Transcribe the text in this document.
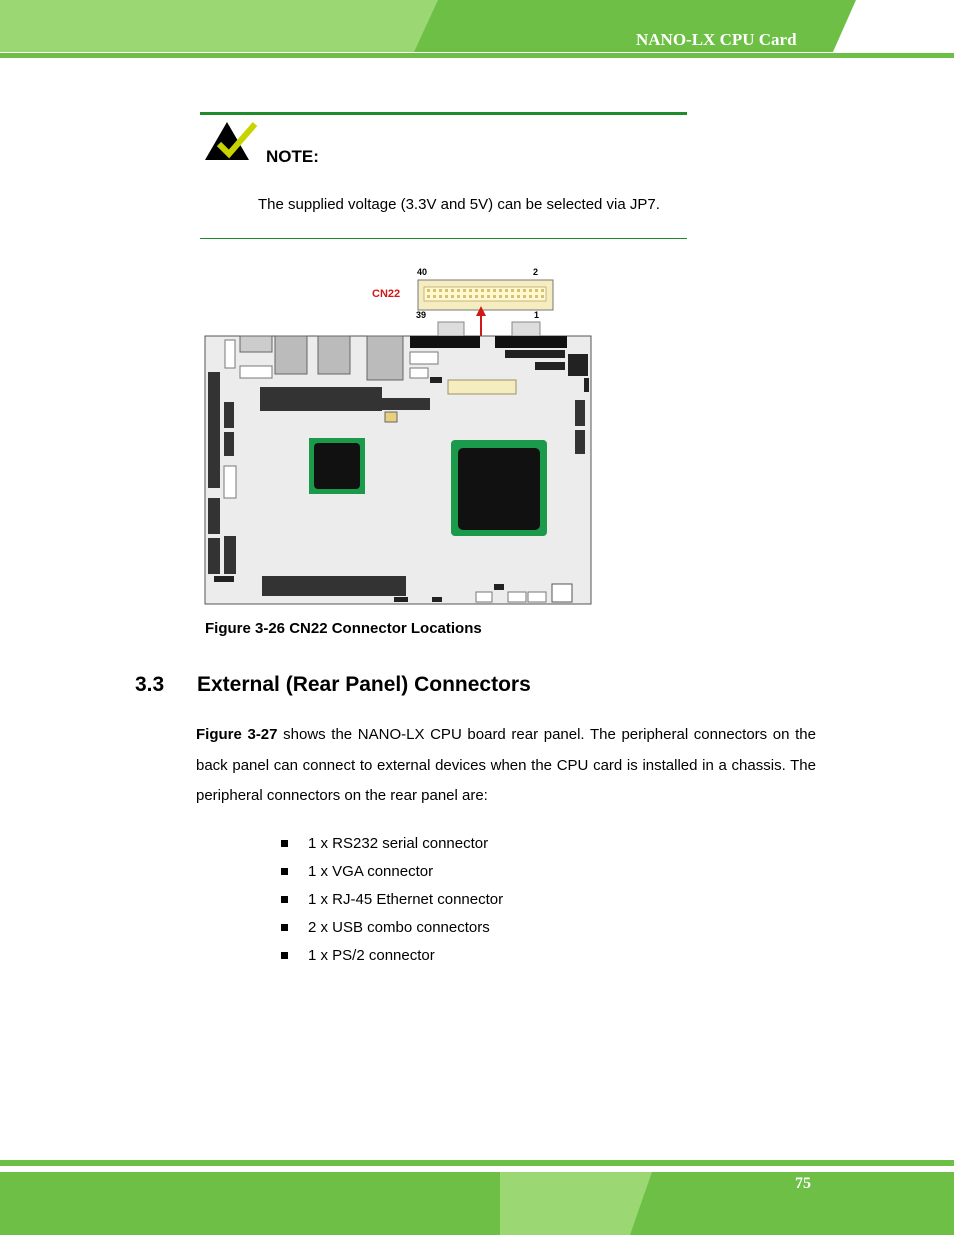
NANO-LX CPU Card
NOTE:
The supplied voltage (3.3V and 5V) can be selected via JP7.
40	2
CN22
39	1
Figure 3-26 CN22 Connector Locations
3.3 External (Rear Panel) Connectors
Figure 3-27 shows the NANO-LX CPU board rear panel. The peripheral connectors on the back panel can connect to external devices when the CPU card is installed in a chassis. The peripheral connectors on the rear panel are:
1 x RS232 serial connector
1 x VGA connector
1 x RJ-45 Ethernet connector
2 x USB combo connectors
1 x PS/2 connector
75
